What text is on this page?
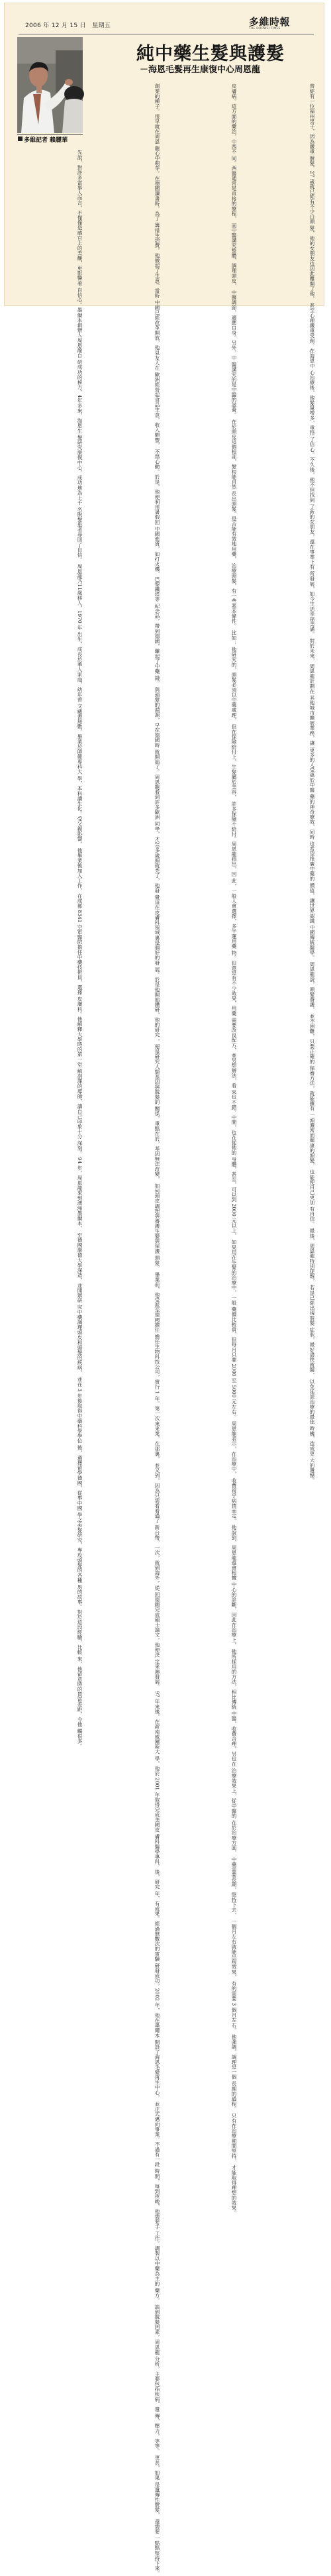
2006 年 12 月 15 日　星期五	多維時報
THE DUOWEI TIMES
多維記者 賴麗華
純中藥生髮與護髮
－海恩毛髮再生康復中心周恩龍
先說，對許多當事人而言，不僅僅是感官上的美觀，更影響着 自信心。墨爾本創辦人周恩龍自 研成功的秘方，4年多來，海恩生 髮研究康復中心，成功地為上千 名脫髮患者尋回了自信。 周恩龍乃11歲移人，1970 年 出生，成長於華人家庭，幼年曾 文藏書無數，畢業於師範專科大 學，本科讀生化。受父親影響， 他畢業後加入工作，在成都 8341 空軍醫院擔任中藥技術員，選擇 皮膚科。他解釋大學時的第一堂 解剖課的導師，讓自己印象十分 深刻。 94 年，周恩龍來到澳洲墨爾本， 至德國康德大學深造，並開辦研 究中藥調理頭皮和頭髮的疾病， 並在 3 年後取得中藥科學學位 後，選擇留學德國，從事中國 學之美髮研究，專攻頭髮的各種 馬的故事。對於這段經驗，比較 來，他留意時的貨富差距，令他 觸很多。
創業的種子。很早就在周恩 龍心中萌芽。在德國讀書時，為了 籌措生活費，他做起了生意。當時 中國已經改革開放，他見友人在 歐洲經營起食品生意，收入頗豐， 不禁心動。於是，他便利用暑假回 中國進貨，如打火機、巴黎鐵塔等 紀念品，帶到德國，賺起了中藥 錢。 與頭髮的淵源，早在德國時 就開始了。周恩龍看到許多歐洲 同學，才20多歲頭就禿了，他發 覺這在皮膚科領域裏是個好的發 展。於是他開始鑽研，他的研究 ，便是研究人類基因與脫髮的 關係，重點在於，基因無法改變， 如何頭皮調理與養護生髮與保護 頭髮。 畢業前，他受派至德國擔任 擔任生物科技公司，實行 1 年。第一次來來業，在那裏， 並又到，因為只需看看過了 新台幣，一次，就到海外，從 回德國完成碩士論文，他便決 定來澳發展。 97 年來後，在新南威爾斯大 學，他於 2001 年取得完成美國皮 膚科醫學專科，後，研究 年，有成果。經過無數次的實驗 研發成功，2002 年，他在墨爾本 開設了海恩毛髮再生中心， 並正式邁向事業。不過有一段 時間，每到夜晚，他需要手 工作。調製以中藥為主的 藥方。 談到脫髮因素，周恩龍 分析，主要包括疾病、遺 傳、壓力，等等。 更甚，如果 是遺傳性脫髮， 還需要 一點點堅持下來。
皮膚病。這方面的藥治，中西不 同。西醫通常是直接的療程， 而中醫講究整體，調理頭皮， 中醫調節，適應自身。另外，中 醫講究的是中醫的滋養。 在於頭皮這個根部，髮根能自然 長出頭髮。是否能有效地用藥， 治療頭髮，有一些基本條件。 比如： 他研究的，頭髮必須以中藥處理， 但在保險給付上，生髮屬於美容， 許多保險不給付。周恩龍指出，因 此，一般人會選擇，多半運用藥 物。但還是有不少效果，用藥 需要改良配方，並另想辦法，看 來也不錯。中間，也在從他的 身體，甚至，可以到 2000 元以上， 如果用在生髮的治療中，一般 藥價比較貴，但每月只要 2000 至 5000 元左右。 周恩龍表示，在治療中， 收費視乎病情而定。 他說到，周恩龍還會根據 中心的診斷，因此在治療上， 他所採用的方法，相比傳統 中醫，收費合理，另也在 治療效果上，從中醫的 在於治療方面， 中藥需要長期，堅持下去， 一個月左右就能出現效果， 有的需要 3 個月左右。 他強調，調理是一個 長期的過程。 只有在治療期間堅持， 才能取得理想的效果。
曾經有一位福州男子，因為嚴重 脫髮，27 歲就已經有不少白頭 髮，他的女朋友也因此離開了他， 甚至心理嚴重受創。在海恩中 心治療後，他髮量增多，重拾 了信心。不久後，他不但找到 了新的女朋友，還在事業上有 所發展，如今生活幸福美滿。 對於未來，周恩龍計劃在 其他城市擴展業務，讓 更多的人受惠於中醫 藥的神奇療效，同時 也希望推廣中藥的 價值，讓世界認識 中國傳統醫學。 周恩龍說，頭髮養護， 並不困難，只要正確的 保養方法，就能擁有 一頭濃密而健康的頭髮， 也能使自己更加 有自信。 最後，周恩龍特別提醒， 若是已經出現脫髮 症狀，最好盡快就醫， 以免延誤治療的最佳 時機，造成更 大的遺憾。
